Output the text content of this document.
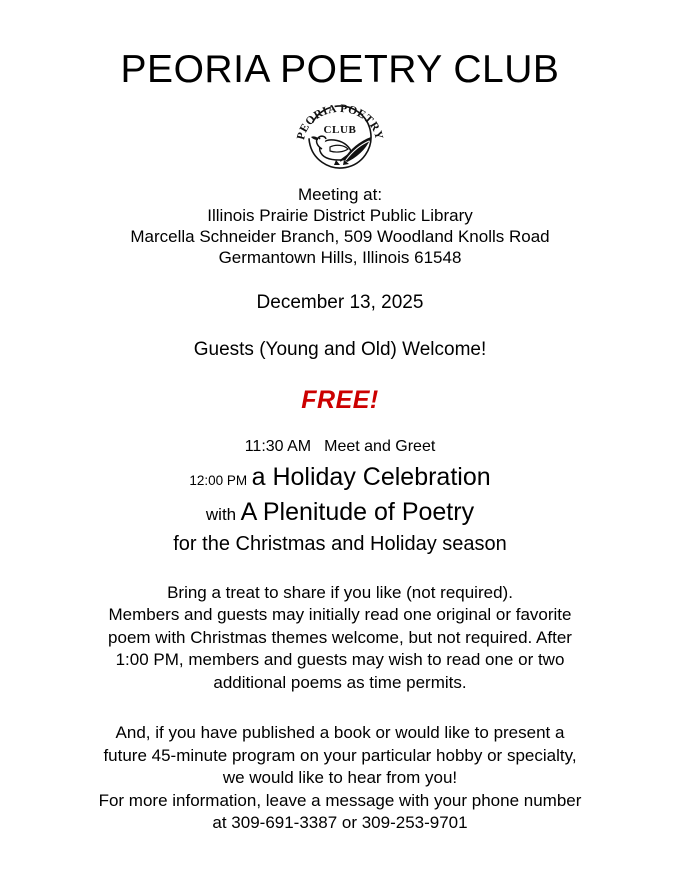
PEORIA POETRY CLUB
PEORIA POETRY
CLUB
Meeting at:
Illinois Prairie District Public Library
Marcella Schneider Branch, 509 Woodland Knolls Road
Germantown Hills, Illinois 61548
December 13, 2025
Guests (Young and Old) Welcome!
FREE!
11:30 AM Meet and Greet
12:00 PM a Holiday Celebration
with A Plenitude of Poetry
for the Christmas and Holiday season
Bring a treat to share if you like (not required).
Members and guests may initially read one original or favorite
poem with Christmas themes welcome, but not required. After
1:00 PM, members and guests may wish to read one or two
additional poems as time permits.
And, if you have published a book or would like to present a
future 45-minute program on your particular hobby or specialty,
we would like to hear from you!
For more information, leave a message with your phone number
at 309-691-3387 or 309-253-9701
